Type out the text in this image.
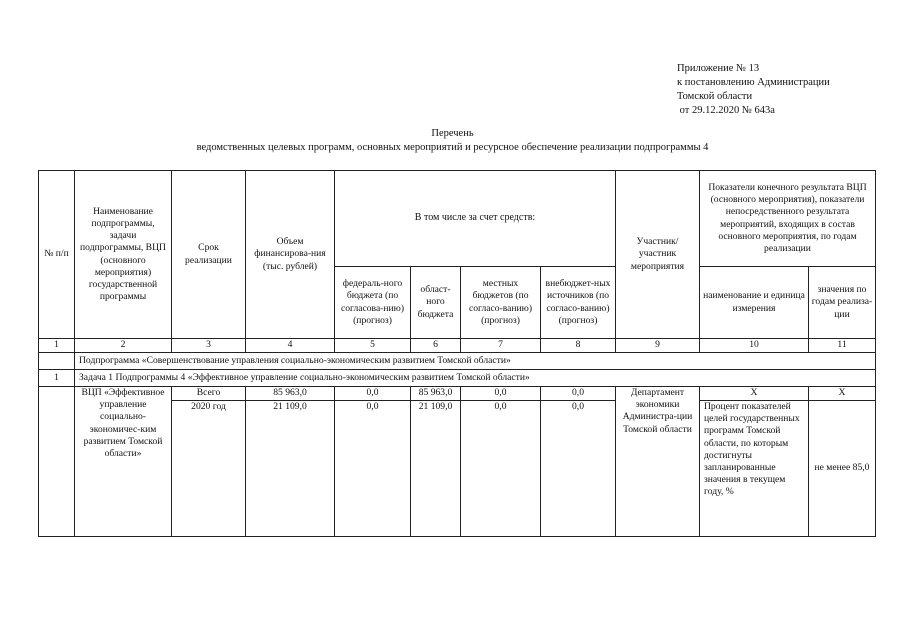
Приложение № 13
к постановлению Администрации
Томской области
от 29.12.2020 № 643а
Перечень
ведомственных целевых программ, основных мероприятий и ресурсное обеспечение реализации подпрограммы 4
№ п/п	Наименование подпрограммы, задачи подпрограммы, ВЦП (основного мероприятия) государственной программы	Срок реализации	Объем финансирова-ния (тыс. рублей)	В том числе за счет средств:				Участник/ участник мероприятия	Показатели конечного результата ВЦП (основного мероприятия), показатели непосредственного результата мероприятий, входящих в состав основного мероприятия, по годам реализации	
				федераль-ного бюджета (по согласова-нию) (прогноз)	област-ного бюджета	местных бюджетов (по согласо-ванию) (прогноз)	внебюджет-ных источников (по согласо-ванию) (прогноз)			
									наименование и единица измерения	значения по годам реализа-ции
1	2	3	4	5	6	7	8	9	10	11
	Подпрограмма «Совершенствование управления социально-экономическим развитием Томской области»									
1	Задача 1 Подпрограммы 4 «Эффективное управление социально-экономическим развитием Томской области»									
	ВЦП «Эффективное управление социально-экономичес-ким развитием Томской области»	Всего	85 963,0	0,0	85 963,0	0,0	0,0	Департамент экономики Администра-ции Томской области	Х	Х
		2020 год	21 109,0	0,0	21 109,0	0,0	0,0		Процент показателей целей государственных программ Томской области, по которым достигнуты запланированные значения в текущем году, %	не менее 85,0
